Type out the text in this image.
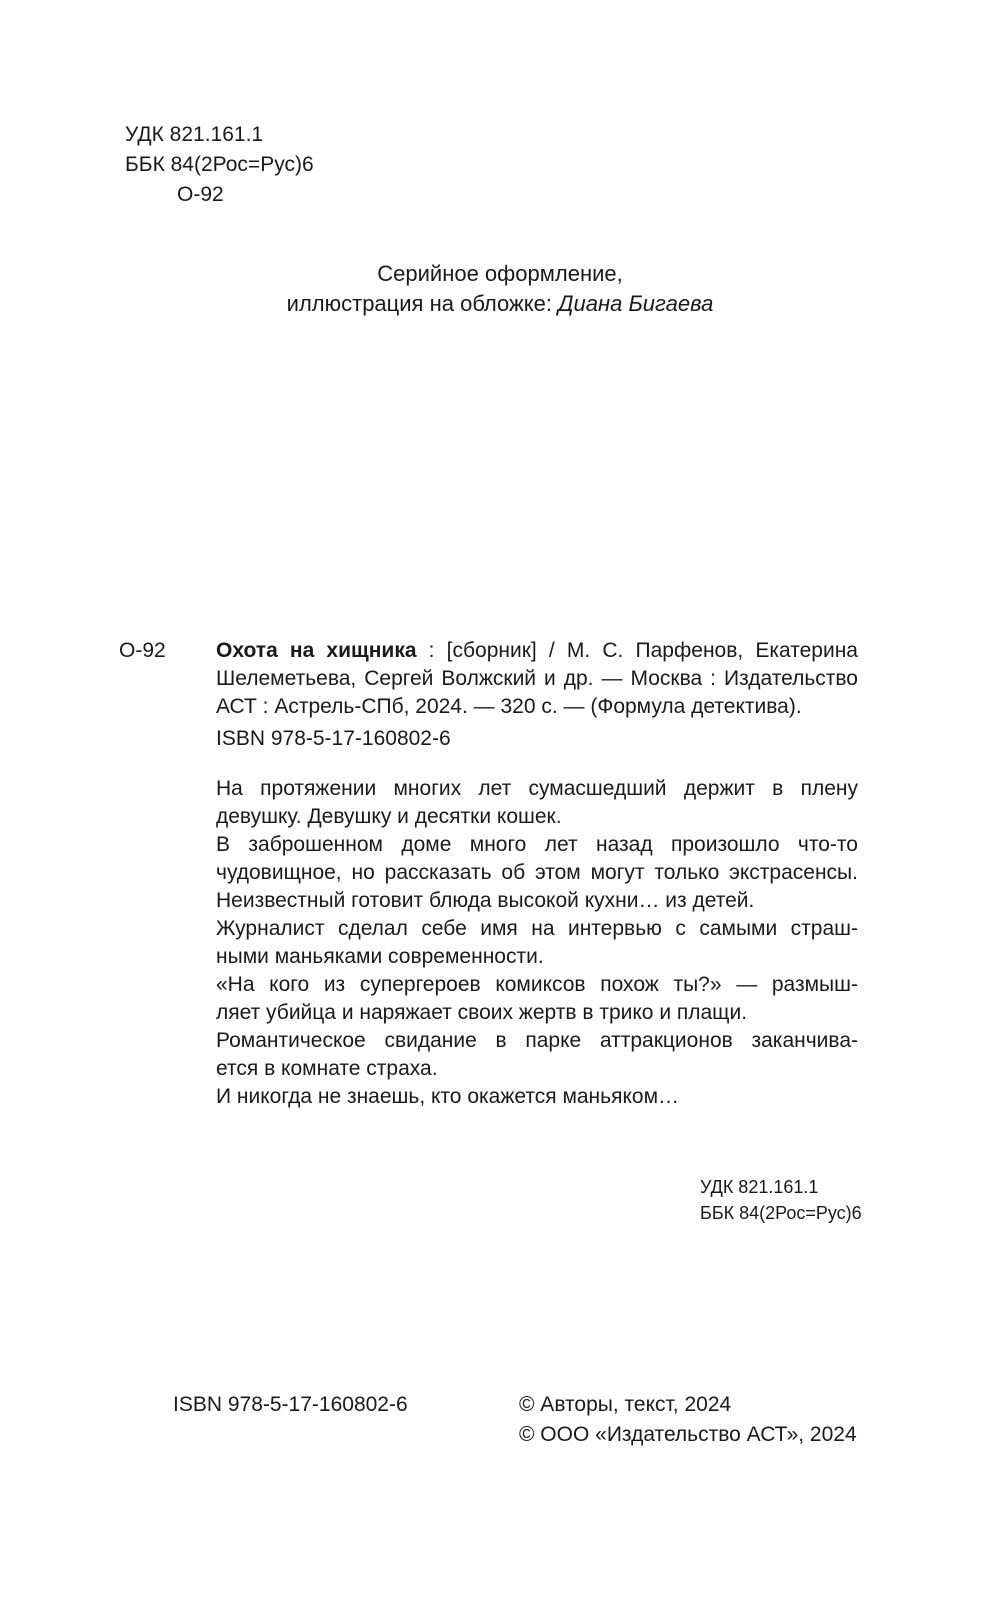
УДК 821.161.1
ББК 84(2Рос=Рус)6
О-92
Серийное оформление,
иллюстрация на обложке: Диана Бигаева
О-92 Охота на хищника : [сборник] / М. С. Парфенов, Екатерина
Шелеметьева, Сергей Волжский и др. — Москва : Издательство
АСТ : Астрель-СПб, 2024. — 320 с. — (Формула детектива).
ISBN 978-5-17-160802-6
На протяжении многих лет сумасшедший держит в плену
девушку. Девушку и десятки кошек.
В заброшенном доме много лет назад произошло что-то
чудовищное, но рассказать об этом могут только экстрасенсы.
Неизвестный готовит блюда высокой кухни… из детей.
Журналист сделал себе имя на интервью с самыми страш-
ными маньяками современности.
«На кого из супергероев комиксов похож ты?» — размыш-
ляет убийца и наряжает своих жертв в трико и плащи.
Романтическое свидание в парке аттракционов заканчива-
ется в комнате страха.
И никогда не знаешь, кто окажется маньяком…
УДК 821.161.1
ББК 84(2Рос=Рус)6
ISBN 978-5-17-160802-6	© Авторы, текст, 2024
© ООО «Издательство АСТ», 2024
